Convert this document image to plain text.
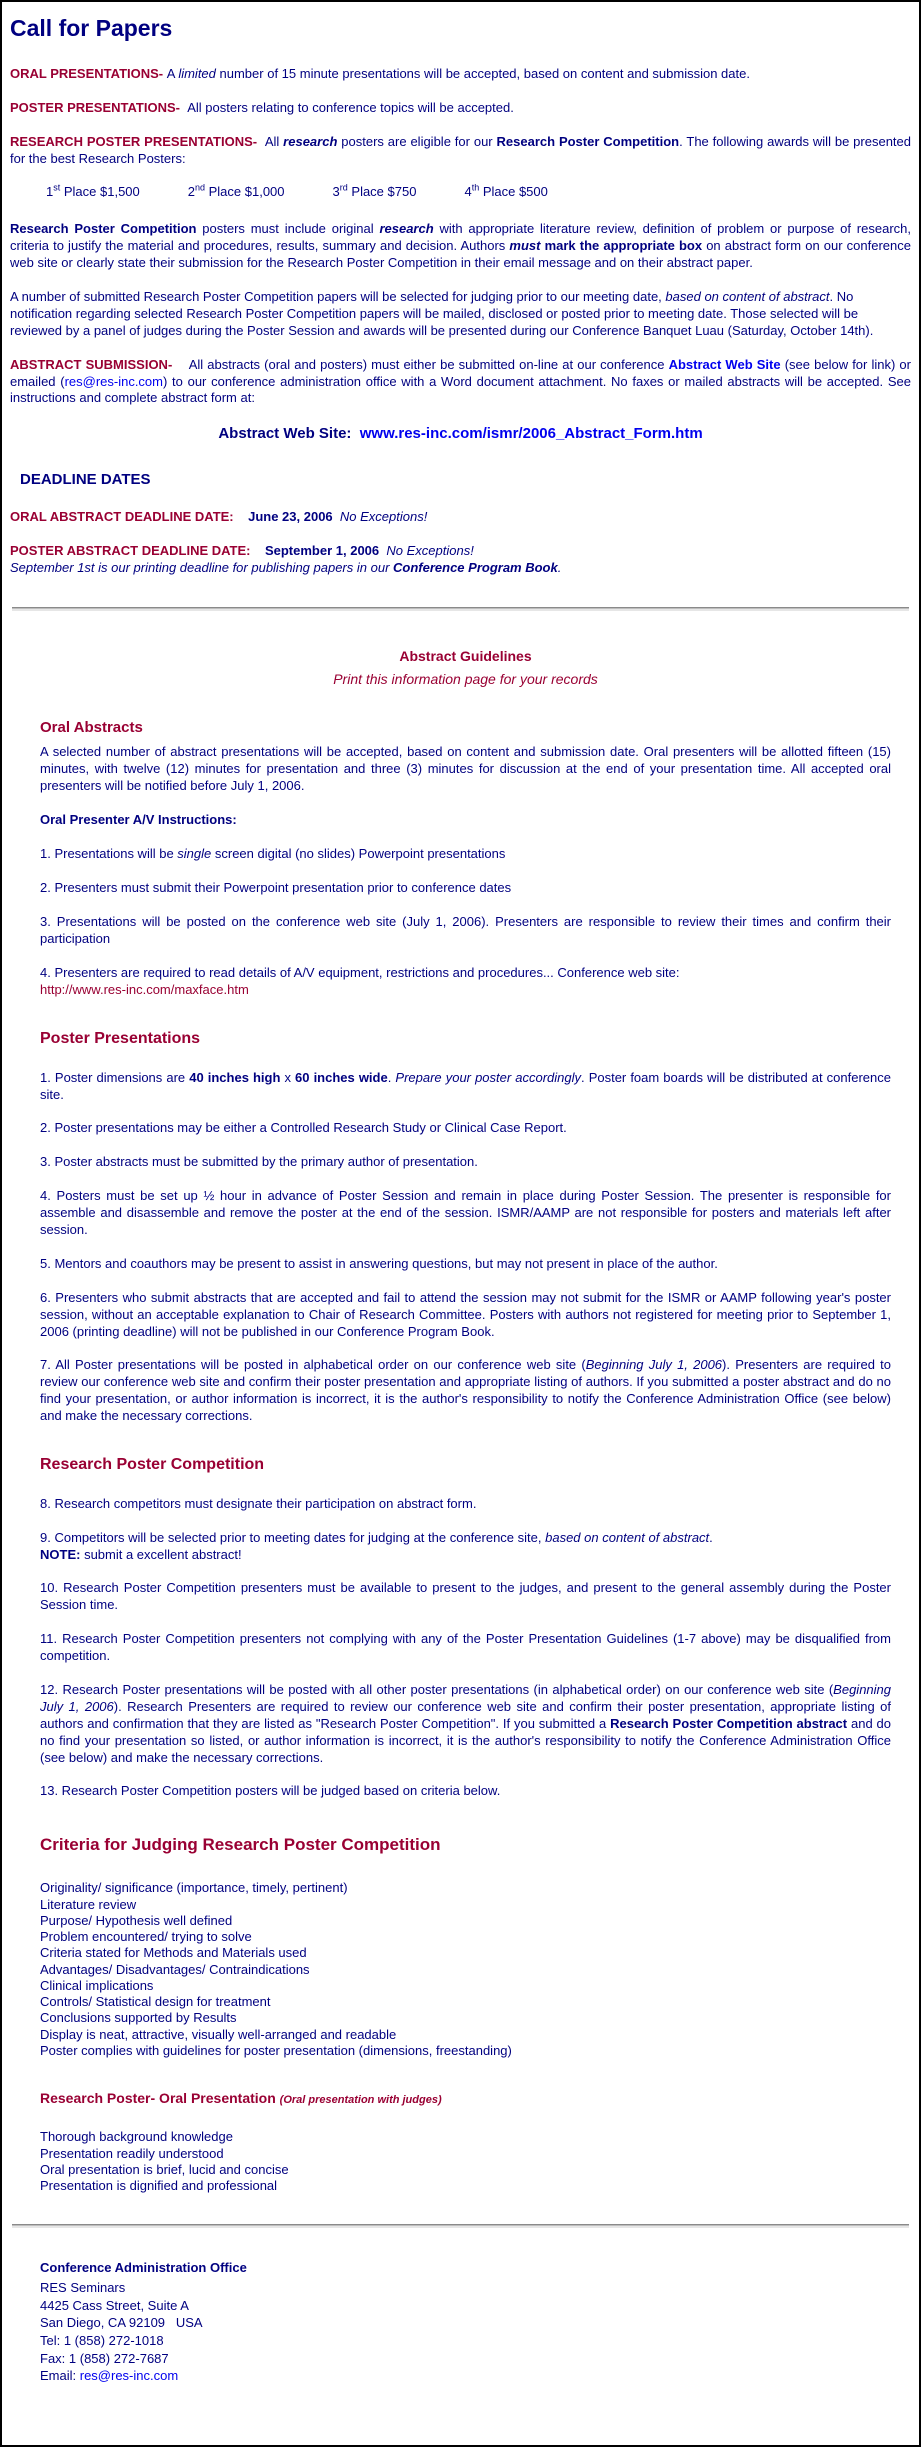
Call for Papers

ORAL PRESENTATIONS- A limited number of 15 minute presentations will be accepted, based on content and submission date.

POSTER PRESENTATIONS-  All posters relating to conference topics will be accepted.

RESEARCH POSTER PRESENTATIONS-  All research posters are eligible for our Research Poster Competition. The following awards will be presented for the best Research Posters:

1st Place $1,500	2nd Place $1,000	3rd Place $750	4th Place $500

Research Poster Competition posters must include original research with appropriate literature review, definition of problem or purpose of research, criteria to justify the material and procedures, results, summary and decision. Authors must mark the appropriate box on abstract form on our conference web site or clearly state their submission for the Research Poster Competition in their email message and on their abstract paper.

A number of submitted Research Poster Competition papers will be selected for judging prior to our meeting date, based on content of abstract. No notification regarding selected Research Poster Competition papers will be mailed, disclosed or posted prior to meeting date. Those selected will be reviewed by a panel of judges during the Poster Session and awards will be presented during our Conference Banquet Luau (Saturday, October 14th).

ABSTRACT SUBMISSION-    All abstracts (oral and posters) must either be submitted on-line at our conference Abstract Web Site (see below for link) or emailed (res@res-inc.com) to our conference administration office with a Word document attachment. No faxes or mailed abstracts will be accepted. See instructions and complete abstract form at:

Abstract Web Site:  www.res-inc.com/ismr/2006_Abstract_Form.htm

DEADLINE DATES

ORAL ABSTRACT DEADLINE DATE: June 23, 2006 No Exceptions!

POSTER ABSTRACT DEADLINE DATE: September 1, 2006 No Exceptions!
September 1st is our printing deadline for publishing papers in our Conference Program Book.

Abstract Guidelines
Print this information page for your records
Oral Abstracts

A selected number of abstract presentations will be accepted, based on content and submission date. Oral presenters will be allotted fifteen (15) minutes, with twelve (12) minutes for presentation and three (3) minutes for discussion at the end of your presentation time. All accepted oral presenters will be notified before July 1, 2006.

Oral Presenter A/V Instructions:

1. Presentations will be single screen digital (no slides) Powerpoint presentations

2. Presenters must submit their Powerpoint presentation prior to conference dates

3. Presentations will be posted on the conference web site (July 1, 2006). Presenters are responsible to review their times and confirm their participation

4. Presenters are required to read details of A/V equipment, restrictions and procedures... Conference web site:
http://www.res-inc.com/maxface.htm

Poster Presentations

1. Poster dimensions are 40 inches high x 60 inches wide. Prepare your poster accordingly. Poster foam boards will be distributed at conference site.

2. Poster presentations may be either a Controlled Research Study or Clinical Case Report.

3. Poster abstracts must be submitted by the primary author of presentation.

4. Posters must be set up ½ hour in advance of Poster Session and remain in place during Poster Session. The presenter is responsible for assemble and disassemble and remove the poster at the end of the session. ISMR/AAMP are not responsible for posters and materials left after session.

5. Mentors and coauthors may be present to assist in answering questions, but may not present in place of the author.

6. Presenters who submit abstracts that are accepted and fail to attend the session may not submit for the ISMR or AAMP following year's poster session, without an acceptable explanation to Chair of Research Committee. Posters with authors not registered for meeting prior to September 1, 2006 (printing deadline) will not be published in our Conference Program Book.

7. All Poster presentations will be posted in alphabetical order on our conference web site (Beginning July 1, 2006). Presenters are required to review our conference web site and confirm their poster presentation and appropriate listing of authors. If you submitted a poster abstract and do no find your presentation, or author information is incorrect, it is the author's responsibility to notify the Conference Administration Office (see below) and make the necessary corrections.

Research Poster Competition

8. Research competitors must designate their participation on abstract form.

9. Competitors will be selected prior to meeting dates for judging at the conference site, based on content of abstract.
NOTE: submit a excellent abstract!

10. Research Poster Competition presenters must be available to present to the judges, and present to the general assembly during the Poster Session time.

11. Research Poster Competition presenters not complying with any of the Poster Presentation Guidelines (1-7 above) may be disqualified from competition.

12. Research Poster presentations will be posted with all other poster presentations (in alphabetical order) on our conference web site (Beginning July 1, 2006). Research Presenters are required to review our conference web site and confirm their poster presentation, appropriate listing of authors and confirmation that they are listed as "Research Poster Competition". If you submitted a Research Poster Competition abstract and do no find your presentation so listed, or author information is incorrect, it is the author's responsibility to notify the Conference Administration Office (see below) and make the necessary corrections.

13. Research Poster Competition posters will be judged based on criteria below.

Criteria for Judging Research Poster Competition
Originality/ significance (importance, timely, pertinent)
Literature review
Purpose/ Hypothesis well defined
Problem encountered/ trying to solve
Criteria stated for Methods and Materials used
Advantages/ Disadvantages/ Contraindications
Clinical implications
Controls/ Statistical design for treatment
Conclusions supported by Results
Display is neat, attractive, visually well-arranged and readable
Poster complies with guidelines for poster presentation (dimensions, freestanding)
Research Poster- Oral Presentation (Oral presentation with judges)
Thorough background knowledge
Presentation readily understood
Oral presentation is brief, lucid and concise
Presentation is dignified and professional
Conference Administration Office
RES Seminars
4425 Cass Street, Suite A
San Diego, CA 92109   USA
Tel: 1 (858) 272-1018
Fax: 1 (858) 272-7687

Email: res@res-inc.com
